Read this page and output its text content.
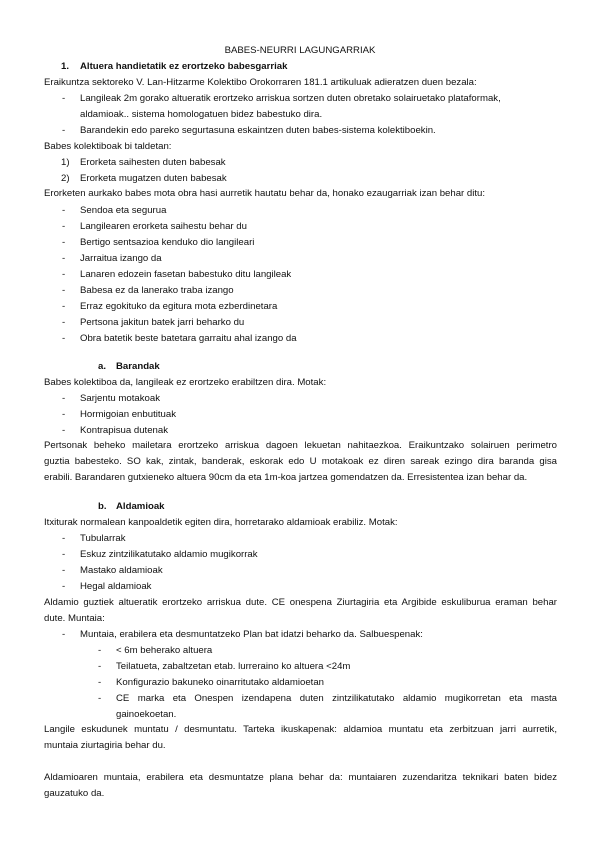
BABES-NEURRI LAGUNGARRIAK
1. Altuera handietatik ez erortzeko babesgarriak
Eraikuntza sektoreko V. Lan-Hitzarme Kolektibo Orokorraren 181.1 artikuluak adieratzen duen bezala:
- Langileak 2m gorako altueratik erortzeko arriskua sortzen duten obretako solairuetako plataformak,
aldamioak.. sistema homologatuen bidez babestuko dira.
- Barandekin edo pareko segurtasuna eskaintzen duten babes-sistema kolektiboekin.
Babes kolektiboak bi taldetan:
1) Erorketa saihesten duten babesak
2) Erorketa mugatzen duten babesak
Erorketen aurkako babes mota obra hasi aurretik hautatu behar da, honako ezaugarriak izan behar ditu:
- Sendoa eta segurua
- Langilearen erorketa saihestu behar du
- Bertigo sentsazioa kenduko dio langileari
- Jarraitua izango da
- Lanaren edozein fasetan babestuko ditu langileak
- Babesa ez da lanerako traba izango
- Erraz egokituko da egitura mota ezberdinetara
- Pertsona jakitun batek jarri beharko du
- Obra batetik beste batetara garraitu ahal izango da
a. Barandak
Babes kolektiboa da, langileak ez erortzeko erabiltzen dira. Motak:
- Sarjentu motakoak
- Hormigoian enbutituak
- Kontrapisua dutenak
Pertsonak beheko mailetara erortzeko arriskua dagoen lekuetan nahitaezkoa. Eraikuntzako solairuen perimetro
guztia babesteko. SO kak, zintak, banderak, eskorak edo U motakoak ez diren sareak ezingo dira baranda gisa
erabili. Barandaren gutxieneko altuera 90cm da eta 1m-koa jartzea gomendatzen da. Erresistentea izan behar da.
b. Aldamioak
Itxiturak normalean kanpoaldetik egiten dira, horretarako aldamioak erabiliz. Motak:
- Tubularrak
- Eskuz zintzilikatutako aldamio mugikorrak
- Mastako aldamioak
- Hegal aldamioak
Aldamio guztiek altueratik erortzeko arriskua dute. CE onespena Ziurtagiria eta Argibide eskuliburua eraman behar
dute. Muntaia:
- Muntaia, erabilera eta desmuntatzeko Plan bat idatzi beharko da. Salbuespenak:
- < 6m beherako altuera
- Teilatueta, zabaltzetan etab. lurreraino ko altuera <24m
- Konfigurazio bakuneko oinarritutako aldamioetan
- CE marka eta Onespen izendapena duten zintzilikatutako aldamio mugikorretan eta masta
gainoekoetan.
Langile eskudunek muntatu / desmuntatu. Tarteka ikuskapenak: aldamioa muntatu eta zerbitzuan jarri aurretik,
muntaia ziurtagiria behar du.
Aldamioaren muntaia, erabilera eta desmuntatze plana behar da: muntaiaren zuzendaritza teknikari baten bidez
gauzatuko da.
